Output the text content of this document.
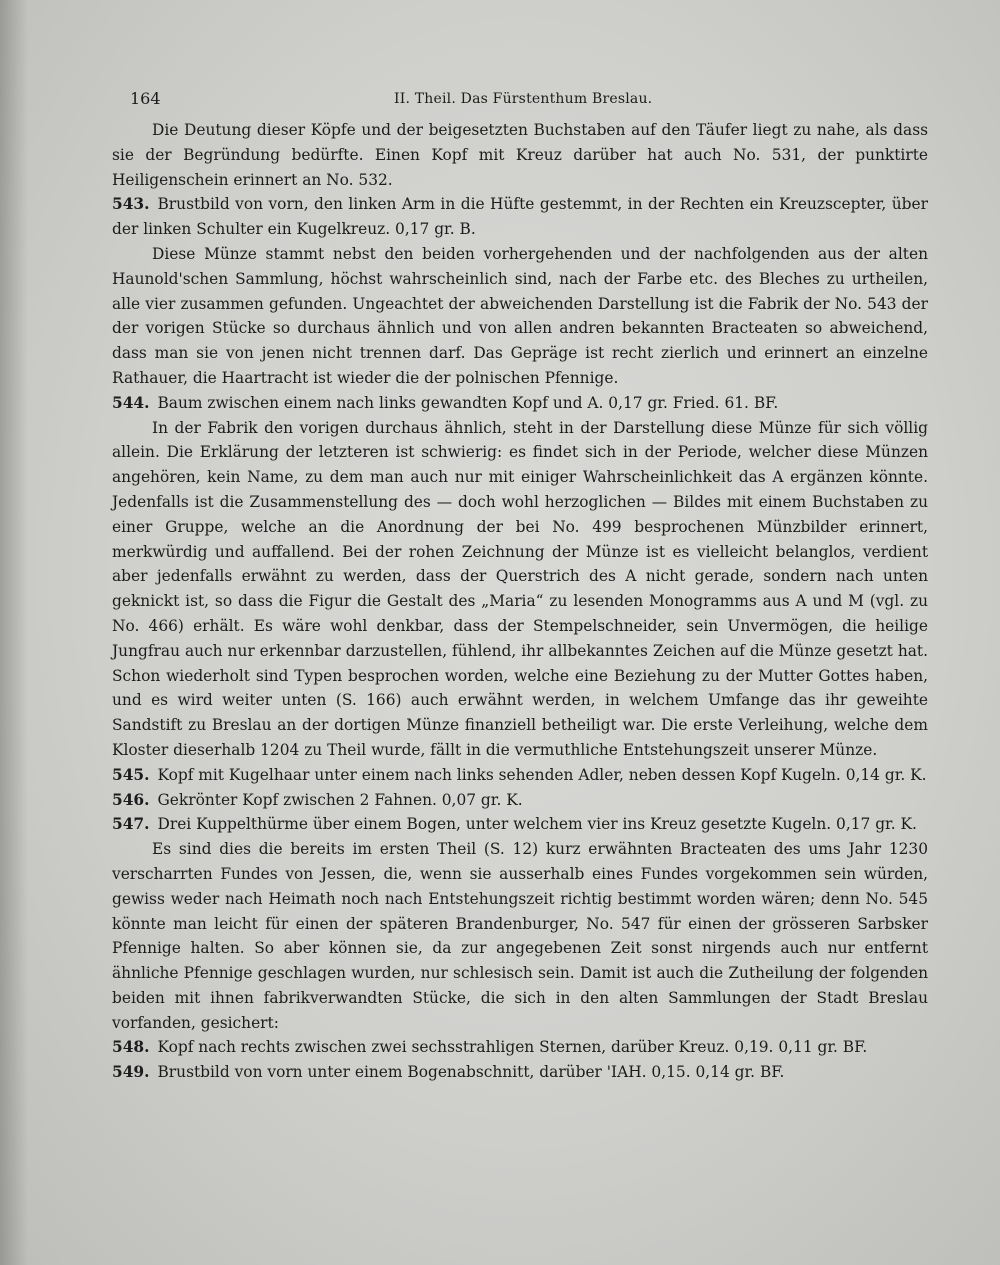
164	II. Theil. Das Fürstenthum Breslau.

Die Deutung dieser Köpfe und der beigesetzten Buchstaben auf den Täufer liegt zu nahe, als dass sie der Begründung bedürfte. Einen Kopf mit Kreuz darüber hat auch No. 531, der punktirte Heiligenschein erinnert an No. 532.

543. Brustbild von vorn, den linken Arm in die Hüfte gestemmt, in der Rechten ein Kreuzscepter, über der linken Schulter ein Kugelkreuz. 0,17 gr. B.

Diese Münze stammt nebst den beiden vorhergehenden und der nachfolgenden aus der alten Haunold'schen Sammlung, höchst wahrscheinlich sind, nach der Farbe etc. des Bleches zu urtheilen, alle vier zusammen gefunden. Ungeachtet der abweichenden Darstellung ist die Fabrik der No. 543 der der vorigen Stücke so durchaus ähnlich und von allen andren bekannten Bracteaten so abweichend, dass man sie von jenen nicht trennen darf. Das Gepräge ist recht zierlich und erinnert an einzelne Rathauer, die Haartracht ist wieder die der polnischen Pfennige.

544. Baum zwischen einem nach links gewandten Kopf und A. 0,17 gr. Fried. 61. BF.

In der Fabrik den vorigen durchaus ähnlich, steht in der Darstellung diese Münze für sich völlig allein. Die Erklärung der letzteren ist schwierig: es findet sich in der Periode, welcher diese Münzen angehören, kein Name, zu dem man auch nur mit einiger Wahrscheinlichkeit das A ergänzen könnte. Jedenfalls ist die Zusammenstellung des — doch wohl herzoglichen — Bildes mit einem Buchstaben zu einer Gruppe, welche an die Anordnung der bei No. 499 besprochenen Münzbilder erinnert, merkwürdig und auffallend. Bei der rohen Zeichnung der Münze ist es vielleicht belanglos, verdient aber jedenfalls erwähnt zu werden, dass der Querstrich des A nicht gerade, sondern nach unten geknickt ist, so dass die Figur die Gestalt des „Maria“ zu lesenden Monogramms aus A und M (vgl. zu No. 466) erhält. Es wäre wohl denkbar, dass der Stempelschneider, sein Unvermögen, die heilige Jungfrau auch nur erkennbar darzustellen, fühlend, ihr allbekanntes Zeichen auf die Münze gesetzt hat. Schon wiederholt sind Typen besprochen worden, welche eine Beziehung zu der Mutter Gottes haben, und es wird weiter unten (S. 166) auch erwähnt werden, in welchem Umfange das ihr geweihte Sandstift zu Breslau an der dortigen Münze finanziell betheiligt war. Die erste Verleihung, welche dem Kloster dieserhalb 1204 zu Theil wurde, fällt in die vermuthliche Entstehungszeit unserer Münze.

545. Kopf mit Kugelhaar unter einem nach links sehenden Adler, neben dessen Kopf Kugeln. 0,14 gr. K.

546. Gekrönter Kopf zwischen 2 Fahnen. 0,07 gr. K.

547. Drei Kuppelthürme über einem Bogen, unter welchem vier ins Kreuz gesetzte Kugeln. 0,17 gr. K.

Es sind dies die bereits im ersten Theil (S. 12) kurz erwähnten Bracteaten des ums Jahr 1230 verscharrten Fundes von Jessen, die, wenn sie ausserhalb eines Fundes vorgekommen sein würden, gewiss weder nach Heimath noch nach Entstehungszeit richtig bestimmt worden wären; denn No. 545 könnte man leicht für einen der späteren Brandenburger, No. 547 für einen der grösseren Sarbsker Pfennige halten. So aber können sie, da zur angegebenen Zeit sonst nirgends auch nur entfernt ähnliche Pfennige geschlagen wurden, nur schlesisch sein. Damit ist auch die Zutheilung der folgenden beiden mit ihnen fabrikverwandten Stücke, die sich in den alten Sammlungen der Stadt Breslau vorfanden, gesichert:

548. Kopf nach rechts zwischen zwei sechsstrahligen Sternen, darüber Kreuz. 0,19. 0,11 gr. BF.

549. Brustbild von vorn unter einem Bogenabschnitt, darüber 'IAH. 0,15. 0,14 gr. BF.
